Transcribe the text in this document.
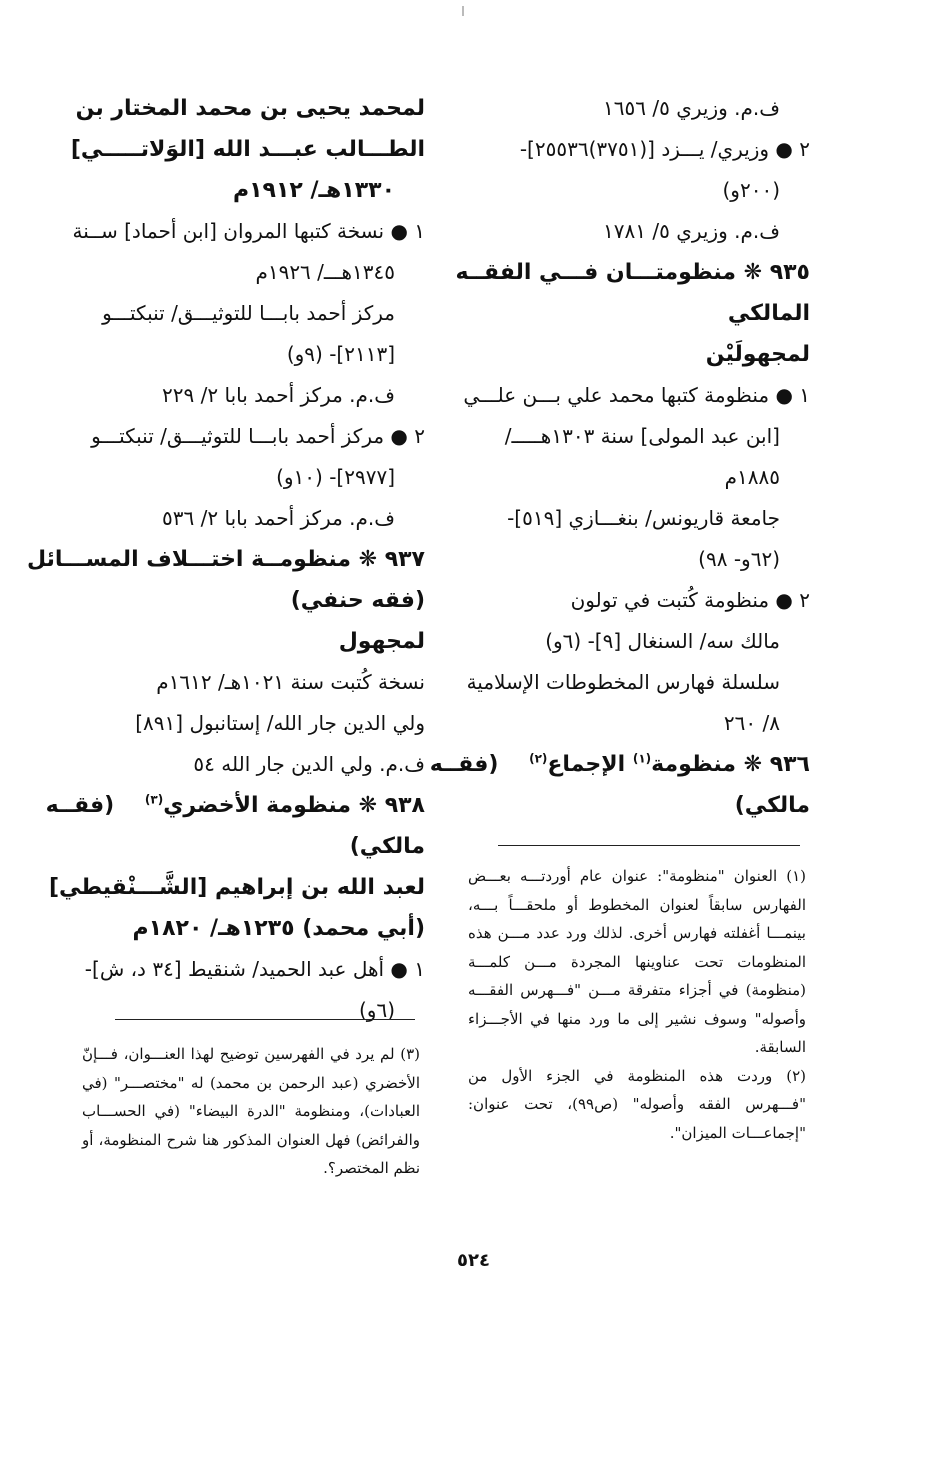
ف.م. وزيري ٥/ ١٦٥٦
٢ ● وزيري/ يـــزد [(٣٧٥١)٢٥٥٣٦]-
(٢٠٠و)
ف.م. وزيري ٥/ ١٧٨١
٩٣٥ ❋ منظومتـــان فـــي الفقــه
المالكي
لمجهولَيْن
١ ● منظومة كتبها محمد علي بـــن علـــي
[ابن عبد المولى] سنة ١٣٠٣هـــــ/
١٨٨٥م
جامعة قاريونس/ بنغـــازي [٥١٩]-
(٦٢و- ٩٨)
٢ ● منظومة كُتبت في تولون
مالك سه/ السنغال [٩]- (٦و)
سلسلة فهارس المخطوطات الإسلامية
٨/ ٢٦٠
٩٣٦ ❋ منظومة$^{(١)}$ الإجماع$^{(٢)}$    (فقــه
مالكي)
لمحمد يحيى بن محمد المختار بن
الطـــالب عبـــد الله [الوَلاتـــــي]
١٣٣٠هـ/ ١٩١٢م
١ ● نسخة كتبها المروان [ابن أحماد] ســنة
١٣٤٥هـــ/ ١٩٢٦م
مركز أحمد بابـــا للتوثيـــق/ تنبكتـــو
[٢١١٣]- (٩و)
ف.م. مركز أحمد بابا ٢/ ٢٢٩
٢ ● مركز أحمد بابـــا للتوثيـــق/ تنبكتـــو
[٢٩٧٧]- (١٠و)
ف.م. مركز أحمد بابا ٢/ ٥٣٦
٩٣٧ ❋ منظومــة اختـــلاف المســـائل
(فقه حنفي)
لمجهول
نسخة كُتبت سنة ١٠٢١هـ/ ١٦١٢م
ولي الدين جار الله/ إستانبول [٨٩١]
ف.م. ولي الدين جار الله ٥٤
٩٣٨ ❋ منظومة الأخضري$^{(٣)}$    (فقــه
مالكي)
لعبد الله بن إبراهيم [الشَّـــنْقيطي]
(أبي محمد) ١٢٣٥هـ/ ١٨٢٠م
١ ● أهل عبد الحميد/ شنقيط [٣٤ د، ش]-
(٦و)

(١) العنوان "منظومة": عنوان عام أوردتـــه بعـــض الفهارس سابقاً لعنوان المخطوط أو ملحقـــاً بـــه، بينمـــا أغفلته فهارس أخرى. لذلك ورد عدد مـــن هذه المنظومات تحت عناوينها المجردة مـــن كلمـــة (منظومة) في أجزاء متفرقة مـــن "فـــهرس الفقـــه وأصوله" وسوف نشير إلى ما ورد منها في الأجـــزاء السابقة.

(٢) وردت هذه المنظومة في الجزء الأول من "فـــهرس الفقه وأصوله" (ص٩٩)، تحت عنوان: "إجماعـــات الميزان".

(٣) لم يرد في الفهرسين توضيح لهذا العنـــوان، فـــإنّ الأخضري (عبد الرحمن بن محمد) له "مختصـــر" (في العبادات)، ومنظومة "الدرة البيضاء" (في الحســـاب والفرائض) فهل العنوان المذكور هنا شرح المنظومة، أو نظم المختصر؟.

٥٢٤
